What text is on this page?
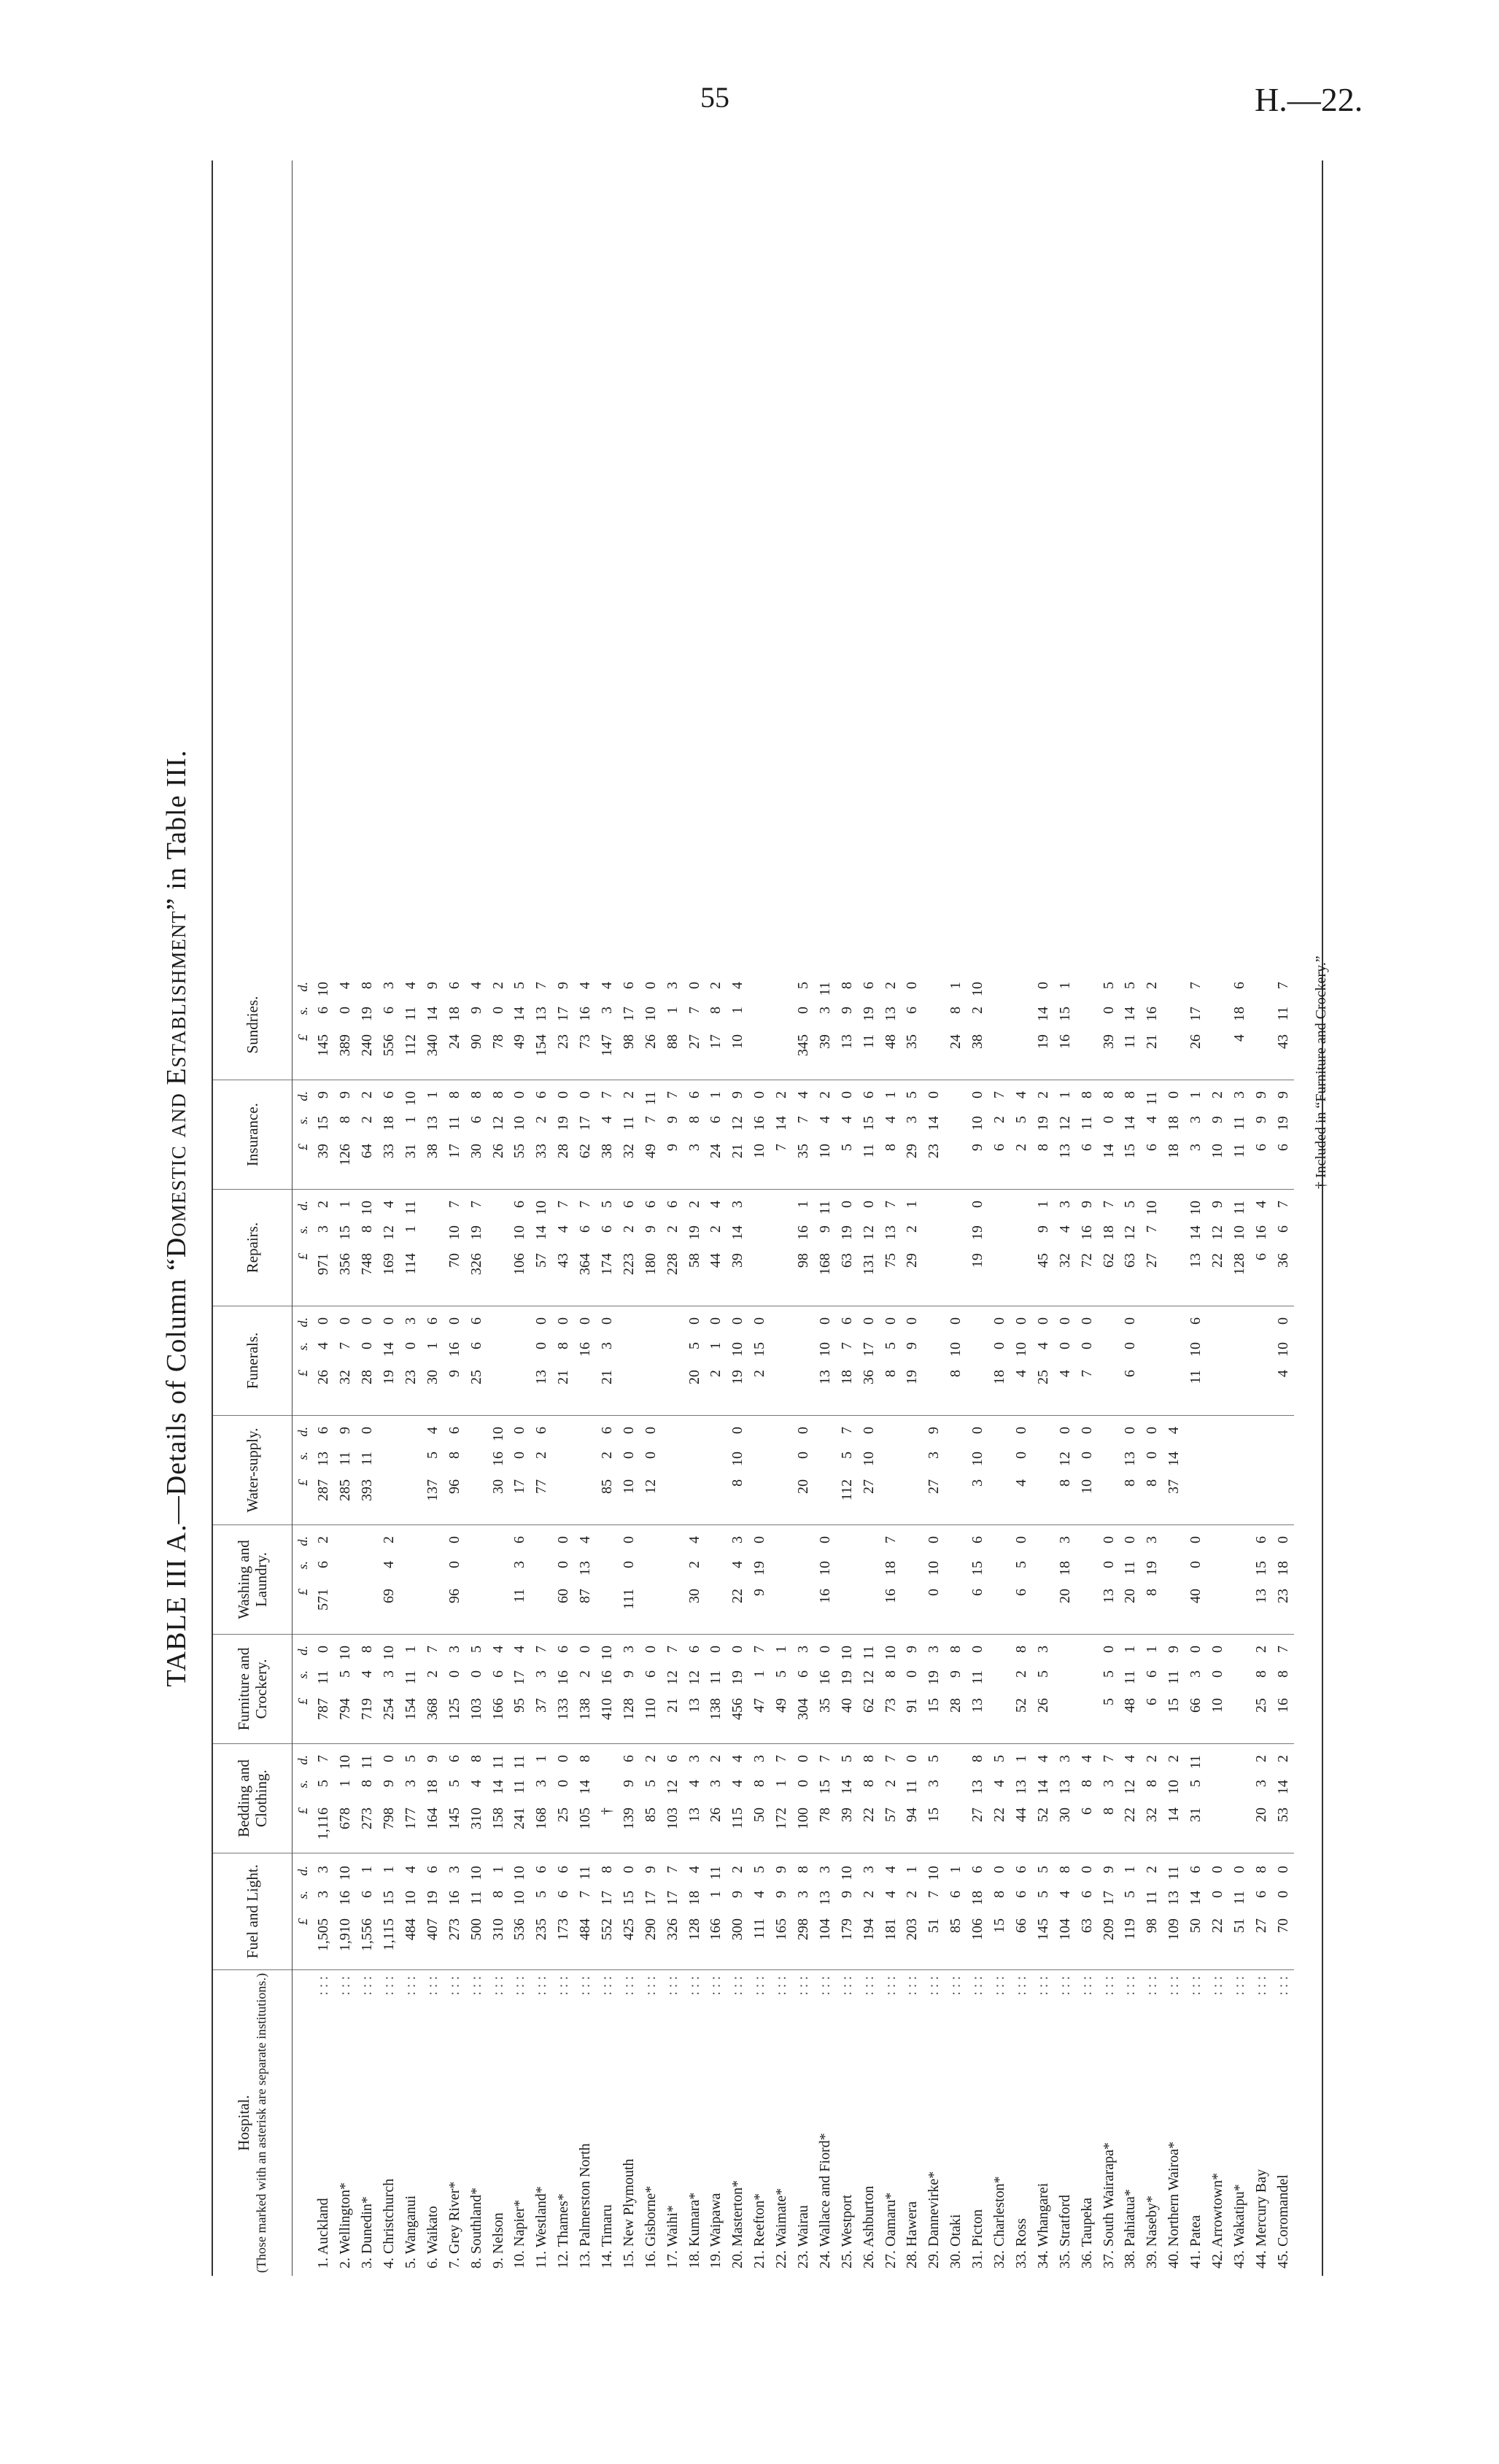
55	H.—22.
TABLE III A.—Details of Column “Domestic and Establishment” in Table III.
Hospital. (Those marked with an asterisk are separate institutions.)
Fuel and Light.
Bedding and Clothing.
Furniture and Crockery.
Washing and Laundry.
Water-supply.
Funerals.
Repairs.
Insurance.
Sundries.
£
s.
d.
£
s.
d.
£
s.
d.
£
s.
d.
£
s.
d.
£
s.
d.
£
s.
d.
£
s.
d.
£
s.
d.
1. Auckland
: : :
1,505
3
3
1,116
5
7
787
11
0
571
6
2
287
13
6
26
4
0
971
3
2
39
15
9
145
6
10
2. Wellington*
: : :
1,910
16
10
678
1
10
794
5
10
285
11
9
32
7
0
356
15
1
126
8
9
389
0
4
3. Dunedin*
: : :
1,556
6
1
273
8
11
719
4
8
393
11
0
28
0
0
748
8
10
64
2
2
240
19
8
4. Christchurch
: : :
1,115
15
1
798
9
0
254
3
10
69
4
2
19
14
0
169
12
4
33
18
6
556
6
3
5. Wanganui
: : :
484
10
4
177
3
5
154
11
1
23
0
3
114
1
11
31
1
10
112
11
4
6. Waikato
: : :
407
19
6
164
18
9
368
2
7
137
5
4
30
1
6
38
13
1
340
14
9
7. Grey River*
: : :
273
16
3
145
5
6
125
0
3
96
0
0
96
8
6
9
16
0
70
10
7
17
11
8
24
18
6
8. Southland*
: : :
500
11
10
310
4
8
103
0
5
25
6
6
326
19
7
30
6
8
90
9
4
9. Nelson
: : :
310
8
1
158
14
11
166
6
4
30
16
10
26
12
8
78
0
2
10. Napier*
: : :
536
10
10
241
11
11
95
17
4
11
3
6
17
0
0
106
10
6
55
10
0
49
14
5
11. Westland*
: : :
235
5
6
168
3
1
37
3
7
77
2
6
13
0
0
57
14
10
33
2
6
154
13
7
12. Thames*
: : :
173
6
6
25
0
0
133
16
6
60
0
0
21
8
0
43
4
7
28
19
0
23
17
9
13. Palmerston North
: : :
484
7
11
105
14
8
138
2
0
87
13
4
16
0
364
6
7
62
17
0
73
16
4
14. Timaru
: : :
552
17
8
†
410
16
10
85
2
6
21
3
0
174
6
5
38
4
7
147
3
4
15. New Plymouth
: : :
425
15
0
139
9
6
128
9
3
111
0
0
10
0
0
223
2
6
32
11
2
98
17
6
16. Gisborne*
: : :
290
17
9
85
5
2
110
6
0
12
0
0
180
9
6
49
7
11
26
10
0
17. Waihi*
: : :
326
17
7
103
12
6
21
12
7
228
2
6
9
9
7
88
1
3
18. Kumara*
: : :
128
18
4
13
4
3
13
12
6
30
2
4
20
5
0
58
19
2
3
8
6
27
7
0
19. Waipawa
: : :
166
1
11
26
3
2
138
11
0
2
1
0
44
2
4
24
6
1
17
8
2
20. Masterton*
: : :
300
9
2
115
4
4
456
19
0
22
4
3
8
10
0
19
10
0
39
14
3
21
12
9
10
1
4
21. Reefton*
: : :
111
4
5
50
8
3
47
1
7
9
19
0
2
15
0
10
16
0
22. Waimate*
: : :
165
9
9
172
1
7
49
5
1
7
14
2
23. Wairau
: : :
298
3
8
100
0
0
304
6
3
20
0
0
98
16
1
35
7
4
345
0
5
24. Wallace and Fiord*
: : :
104
13
3
78
15
7
35
16
0
16
10
0
13
10
0
168
9
11
10
4
2
39
3
11
25. Westport
: : :
179
9
10
39
14
5
40
19
10
112
5
7
18
7
6
63
19
0
5
4
0
13
9
8
26. Ashburton
: : :
194
2
3
22
8
8
62
12
11
27
10
0
36
17
0
131
12
0
11
15
6
11
19
6
27. Oamaru*
: : :
181
4
4
57
2
7
73
8
10
16
18
7
8
5
0
75
13
7
8
4
1
48
13
2
28. Hawera
: : :
203
2
1
94
11
0
91
0
9
19
9
0
29
2
1
29
3
5
35
6
0
29. Dannevirke*
: : :
51
7
10
15
3
5
15
19
3
0
10
0
27
3
9
23
14
0
30. Otaki
: : :
85
6
1
28
9
8
8
10
0
24
8
1
31. Picton
: : :
106
18
6
27
13
8
13
11
0
6
15
6
3
10
0
19
19
0
9
10
0
38
2
10
32. Charleston*
: : :
15
8
0
22
4
5
18
0
0
6
2
7
33. Ross
: : :
66
6
6
44
13
1
52
2
8
6
5
0
4
0
0
4
10
0
2
5
4
34. Whangarei
: : :
145
5
5
52
14
4
26
5
3
25
4
0
45
9
1
8
19
2
19
14
0
35. Stratford
: : :
104
4
8
30
13
3
20
18
3
8
12
0
4
0
0
32
4
3
13
12
1
16
15
1
36. Taupeka
: : :
63
6
0
6
8
4
10
0
0
7
0
0
72
16
9
6
11
8
37. South Wairarapa*
: : :
209
17
9
8
3
7
5
5
0
13
0
0
62
18
7
14
0
8
39
0
5
38. Pahiatua*
: : :
119
5
1
22
12
4
48
11
1
20
11
0
8
13
0
6
0
0
63
12
5
15
14
8
11
14
5
39. Naseby*
: : :
98
11
2
32
8
2
6
6
1
8
19
3
8
0
0
27
7
10
6
4
11
21
16
2
40. Northern Wairoa*
: : :
109
13
11
14
10
2
15
11
9
37
14
4
18
18
0
41. Patea
: : :
50
14
6
31
5
11
66
3
0
40
0
0
11
10
6
13
14
10
3
3
1
26
17
7
42. Arrowtown*
: : :
22
0
0
10
0
0
22
12
9
10
9
2
43. Wakatipu*
: : :
51
11
0
128
10
11
11
11
3
4
18
6
44. Mercury Bay
: : :
27
6
8
20
3
2
25
8
2
13
15
6
6
16
4
6
9
9
45. Coromandel
: : :
70
0
0
53
14
2
16
8
7
23
18
0
4
10
0
36
6
7
6
19
9
43
11
7 † Included in “Furniture and Crockery.”
